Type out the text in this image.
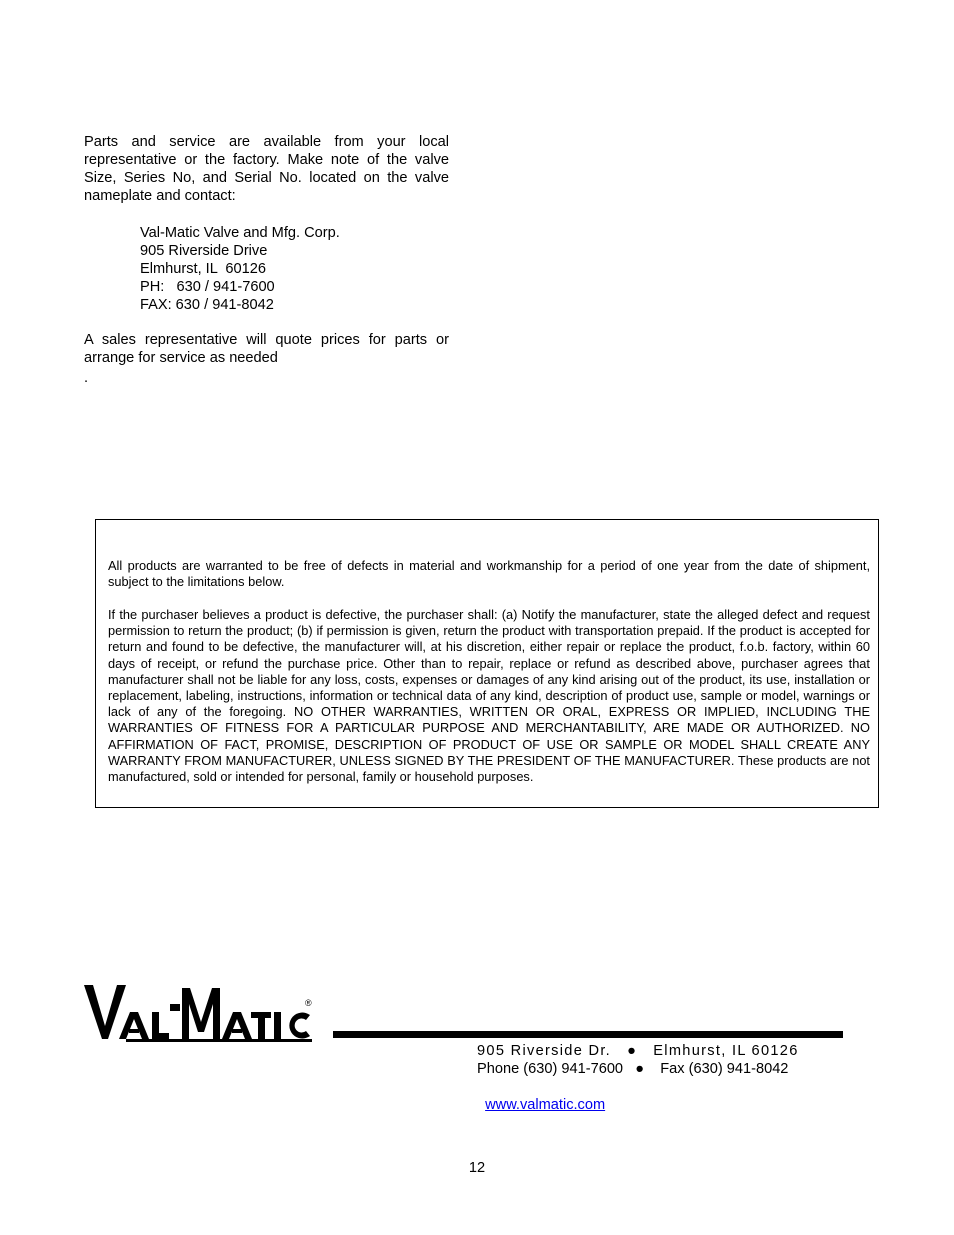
Parts and service are available from your local representative or the factory. Make note of the valve Size, Series No, and Serial No. located on the valve nameplate and contact:

Val-Matic Valve and Mfg. Corp.
905 Riverside Drive
Elmhurst, IL  60126
PH:   630 / 941-7600
FAX: 630 / 941-8042

A sales representative will quote prices for parts or arrange for service as needed

.

All products are warranted to be free of defects in material and workmanship for a period of one year from the date of shipment, subject to the limitations below.

If the purchaser believes a product is defective, the purchaser shall: (a) Notify the manufacturer, state the alleged defect and request permission to return the product; (b) if permission is given, return the product with transportation prepaid. If the product is accepted for return and found to be defective, the manufacturer will, at his discretion, either repair or replace the product, f.o.b. factory, within 60 days of receipt, or refund the purchase price. Other than to repair, replace or refund as described above, purchaser agrees that manufacturer shall not be liable for any loss, costs, expenses or damages of any kind arising out of the product, its use, installation or replacement, labeling, instructions, information or technical data of any kind, description of product use, sample or model, warnings or lack of any of the foregoing. NO OTHER WARRANTIES, WRITTEN OR ORAL, EXPRESS OR IMPLIED, INCLUDING THE WARRANTIES OF FITNESS FOR A PARTICULAR PURPOSE AND MERCHANTABILITY, ARE MADE OR AUTHORIZED. NO AFFIRMATION OF FACT, PROMISE, DESCRIPTION OF PRODUCT OF USE OR SAMPLE OR MODEL SHALL CREATE ANY WARRANTY FROM MANUFACTURER, UNLESS SIGNED BY THE PRESIDENT OF THE MANUFACTURER. These products are not manufactured, sold or intended for personal, family or household purposes.

®
905 Riverside Dr.   ●   Elmhurst, IL 60126
Phone (630) 941-7600   ●    Fax (630) 941-8042

www.valmatic.com

12
